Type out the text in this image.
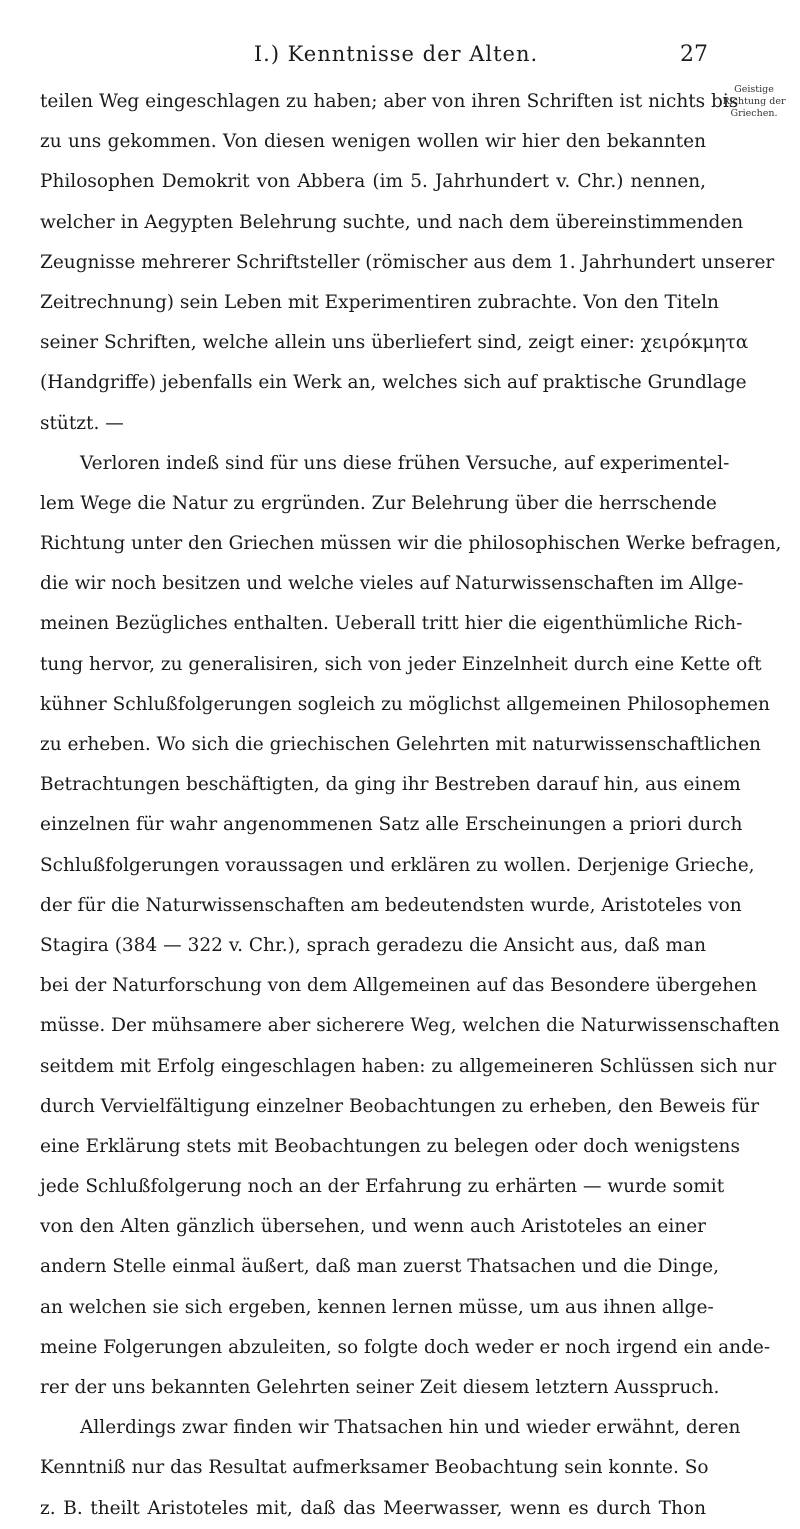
I.) Kenntnisse der Alten.	27
Geistige Richtung der Griechen.
teilen Weg eingeschlagen zu haben; aber von ihren Schriften ist nichts bis
zu uns gekommen. Von diesen wenigen wollen wir hier den bekannten
Philosophen Demokrit von Abbera (im 5. Jahrhundert v. Chr.) nennen,
welcher in Aegypten Belehrung suchte, und nach dem übereinstimmenden
Zeugnisse mehrerer Schriftsteller (römischer aus dem 1. Jahrhundert unserer
Zeitrechnung) sein Leben mit Experimentiren zubrachte. Von den Titeln
seiner Schriften, welche allein uns überliefert sind, zeigt einer: χειρόκμητα
(Handgriffe) jebenfalls ein Werk an, welches sich auf praktische Grundlage
stützt. —
Verloren indeß sind für uns diese frühen Versuche, auf experimentel-
lem Wege die Natur zu ergründen. Zur Belehrung über die herrschende
Richtung unter den Griechen müssen wir die philosophischen Werke befragen,
die wir noch besitzen und welche vieles auf Naturwissenschaften im Allge-
meinen Bezügliches enthalten. Ueberall tritt hier die eigenthümliche Rich-
tung hervor, zu generalisiren, sich von jeder Einzelnheit durch eine Kette oft
kühner Schlußfolgerungen sogleich zu möglichst allgemeinen Philosophemen
zu erheben. Wo sich die griechischen Gelehrten mit naturwissenschaftlichen
Betrachtungen beschäftigten, da ging ihr Bestreben darauf hin, aus einem
einzelnen für wahr angenommenen Satz alle Erscheinungen a priori durch
Schlußfolgerungen voraussagen und erklären zu wollen. Derjenige Grieche,
der für die Naturwissenschaften am bedeutendsten wurde, Aristoteles von
Stagira (384 — 322 v. Chr.), sprach geradezu die Ansicht aus, daß man
bei der Naturforschung von dem Allgemeinen auf das Besondere übergehen
müsse. Der mühsamere aber sicherere Weg, welchen die Naturwissenschaften
seitdem mit Erfolg eingeschlagen haben: zu allgemeineren Schlüssen sich nur
durch Vervielfältigung einzelner Beobachtungen zu erheben, den Beweis für
eine Erklärung stets mit Beobachtungen zu belegen oder doch wenigstens
jede Schlußfolgerung noch an der Erfahrung zu erhärten — wurde somit
von den Alten gänzlich übersehen, und wenn auch Aristoteles an einer
andern Stelle einmal äußert, daß man zuerst Thatsachen und die Dinge,
an welchen sie sich ergeben, kennen lernen müsse, um aus ihnen allge-
meine Folgerungen abzuleiten, so folgte doch weder er noch irgend ein ande-
rer der uns bekannten Gelehrten seiner Zeit diesem letztern Ausspruch.
Allerdings zwar finden wir Thatsachen hin und wieder erwähnt, deren
Kenntniß nur das Resultat aufmerksamer Beobachtung sein konnte. So
z. B. theilt Aristoteles mit, daß das Meerwasser, wenn es durch Thon
